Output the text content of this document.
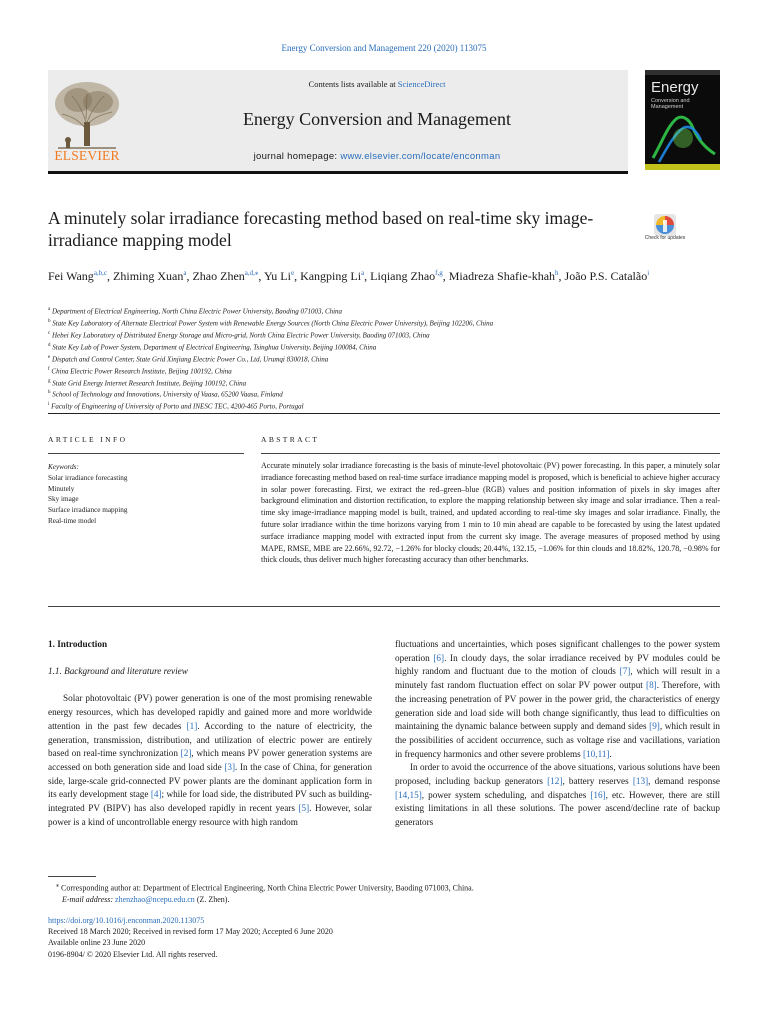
Energy Conversion and Management 220 (2020) 113075
ELSEVIER
Contents lists available at ScienceDirect
Energy Conversion and Management
journal homepage: www.elsevier.com/locate/enconman
Energy
Conversion and Management
A minutely solar irradiance forecasting method based on real-time sky image-irradiance mapping model	Check for updates
Fei Wang$^{a,b,c}$, Zhiming Xuan$^a$, Zhao Zhen$^{a,d,⁎}$, Yu Li$^e$, Kangping Li$^a$, Liqiang Zhao$^{f,g}$, Miadreza Shafie-khah$^h$, João P.S. Catalão$^i$
$^a$ Department of Electrical Engineering, North China Electric Power University, Baoding 071003, China
$^b$ State Key Laboratory of Alternate Electrical Power System with Renewable Energy Sources (North China Electric Power University), Beijing 102206, China
$^c$ Hebei Key Laboratory of Distributed Energy Storage and Micro-grid, North China Electric Power University, Baoding 071003, China
$^d$ State Key Lab of Power System, Department of Electrical Engineering, Tsinghua University, Beijing 100084, China
$^e$ Dispatch and Control Center, State Grid Xinjiang Electric Power Co., Ltd, Urumqi 830018, China
$^f$ China Electric Power Research Institute, Beijing 100192, China
$^g$ State Grid Energy Internet Research Institute, Beijing 100192, China
$^h$ School of Technology and Innovations, University of Vaasa, 65200 Vaasa, Finland
$^i$ Faculty of Engineering of University of Porto and INESC TEC, 4200-465 Porto, Portugal
ARTICLE INFO
Keywords:
Solar irradiance forecasting
Minutely
Sky image
Surface irradiance mapping
Real-time model
ABSTRACT
Accurate minutely solar irradiance forecasting is the basis of minute-level photovoltaic (PV) power forecasting. In this paper, a minutely solar irradiance forecasting method based on real-time surface irradiance mapping model is proposed, which is beneficial to achieve higher accuracy in solar power forecasting. First, we extract the red–green–blue (RGB) values and position information of pixels in sky images after background elimination and distortion rectification, to explore the mapping relationship between sky image and solar irradiance. Then a real-time sky image-irradiance mapping model is built, trained, and updated according to real-time sky images and solar irradiance. Finally, the future solar irradiance within the time horizons varying from 1 min to 10 min ahead are capable to be forecasted by using the latest updated surface irradiance mapping model with extracted input from the current sky image. The average measures of proposed method by using MAPE, RMSE, MBE are 22.66%, 92.72, −1.26% for blocky clouds; 20.44%, 132.15, −1.06% for thin clouds and 18.82%, 120.78, −0.98% for thick clouds, thus deliver much higher forecasting accuracy than other benchmarks.
1. Introduction
1.1. Background and literature review

Solar photovoltaic (PV) power generation is one of the most promising renewable energy resources, which has developed rapidly and gained more and more worldwide attention in the past few decades [1]. According to the nature of electricity, the generation, transmission, distribution, and utilization of electric power are entirely based on real-time synchronization [2], which means PV power generation systems are accessed on both generation side and load side [3]. In the case of China, for generation side, large-scale grid-connected PV power plants are the dominant application form in its early development stage [4]; while for load side, the distributed PV such as building-integrated PV (BIPV) has also developed rapidly in recent years [5]. However, solar power is a kind of uncontrollable energy resource with high random

fluctuations and uncertainties, which poses significant challenges to the power system operation [6]. In cloudy days, the solar irradiance received by PV modules could be highly random and fluctuant due to the motion of clouds [7], which will result in a minutely fast random fluctuation effect on solar PV power output [8]. Therefore, with the increasing penetration of PV power in the power grid, the characteristics of energy generation side and load side will both change significantly, thus lead to difficulties on maintaining the dynamic balance between supply and demand sides [9], which result in the possibilities of accident occurrence, such as voltage rise and vacillations, variation in frequency harmonics and other severe problems [10,11].

In order to avoid the occurrence of the above situations, various solutions have been proposed, including backup generators [12], battery reserves [13], demand response [14,15], power system scheduling, and dispatches [16], etc. However, there are still existing limitations in all these solutions. The power ascend/decline rate of backup generators

⁎ Corresponding author at: Department of Electrical Engineering, North China Electric Power University, Baoding 071003, China.
E-mail address: zhenzhao@ncepu.edu.cn (Z. Zhen).
https://doi.org/10.1016/j.enconman.2020.113075
Received 18 March 2020; Received in revised form 17 May 2020; Accepted 6 June 2020
Available online 23 June 2020
0196-8904/ © 2020 Elsevier Ltd. All rights reserved.
